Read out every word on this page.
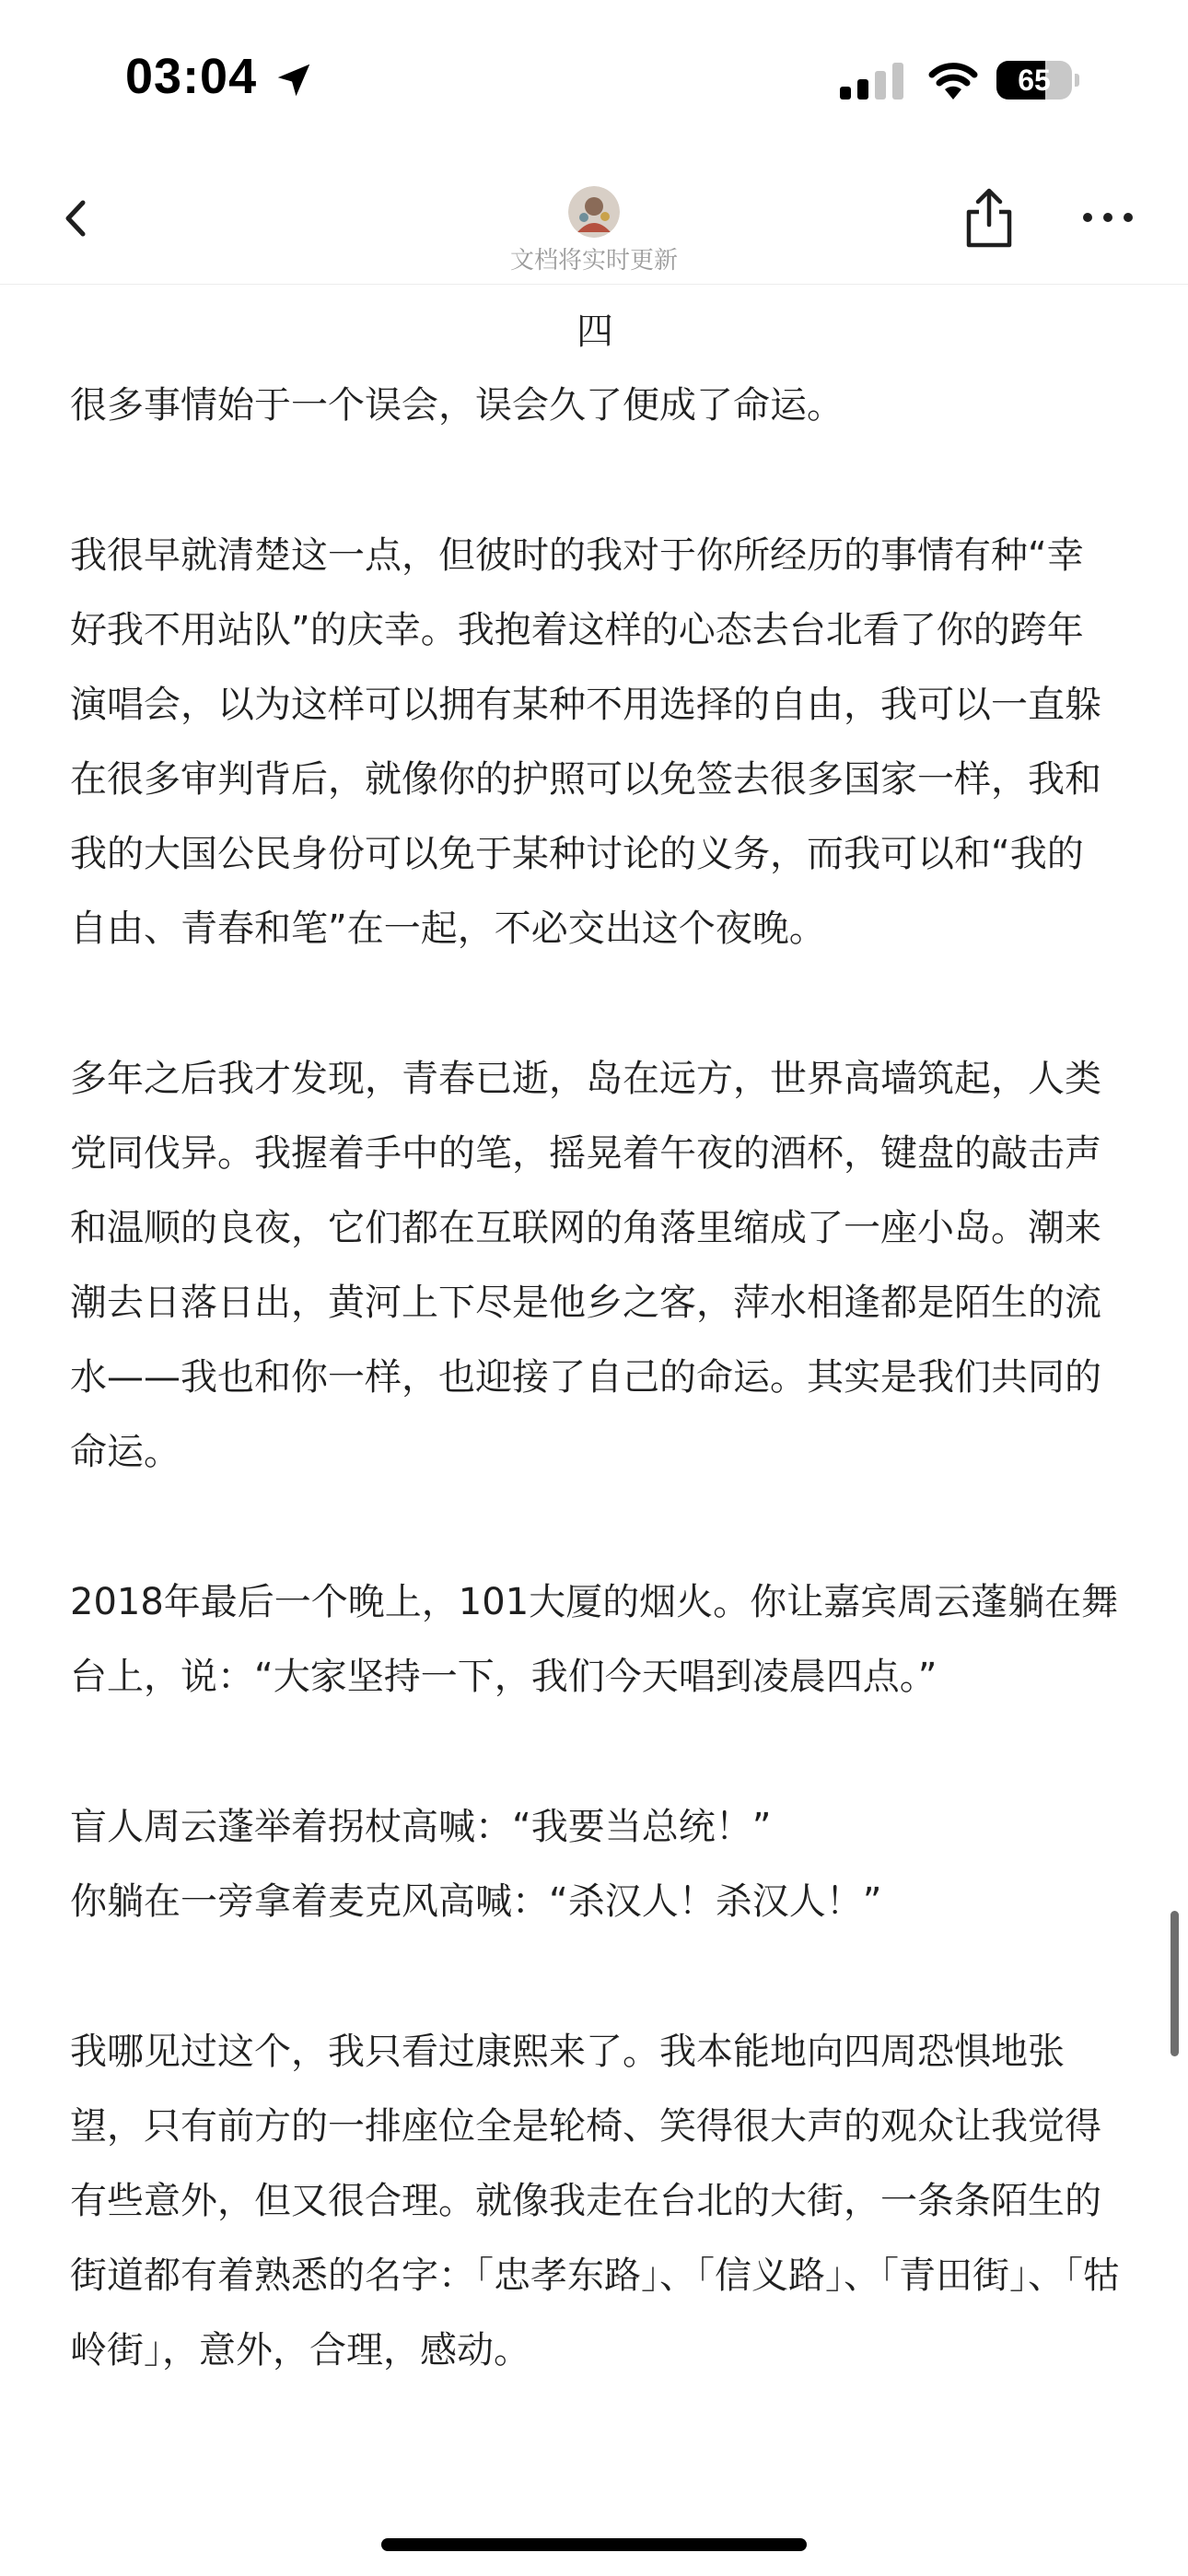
03:04	65
文档将实时更新

四

很多事情始于一个误会，误会久了便成了命运。

我很早就清楚这一点，但彼时的我对于你所经历的事情有种“幸好我不用站队”的庆幸。我抱着这样的心态去台北看了你的跨年演唱会，以为这样可以拥有某种不用选择的自由，我可以一直躲在很多审判背后，就像你的护照可以免签去很多国家一样，我和我的大国公民身份可以免于某种讨论的义务，而我可以和“我的自由、青春和笔”在一起，不必交出这个夜晚。

多年之后我才发现，青春已逝，岛在远方，世界高墙筑起，人类党同伐异。我握着手中的笔，摇晃着午夜的酒杯，键盘的敲击声和温顺的良夜，它们都在互联网的角落里缩成了一座小岛。潮来潮去日落日出，黄河上下尽是他乡之客，萍水相逢都是陌生的流水——我也和你一样，也迎接了自己的命运。其实是我们共同的命运。

2018年最后一个晚上，101大厦的烟火。你让嘉宾周云蓬躺在舞台上，说：“大家坚持一下，我们今天唱到凌晨四点。”

盲人周云蓬举着拐杖高喊：“我要当总统！”

你躺在一旁拿着麦克风高喊：“杀汉人！杀汉人！”

我哪见过这个，我只看过康熙来了。我本能地向四周恐惧地张望，只有前方的一排座位全是轮椅、笑得很大声的观众让我觉得有些意外，但又很合理。就像我走在台北的大街，一条条陌生的街道都有着熟悉的名字：「忠孝东路」、「信义路」、「青田街」、「牯岭街」，意外，合理，感动。
